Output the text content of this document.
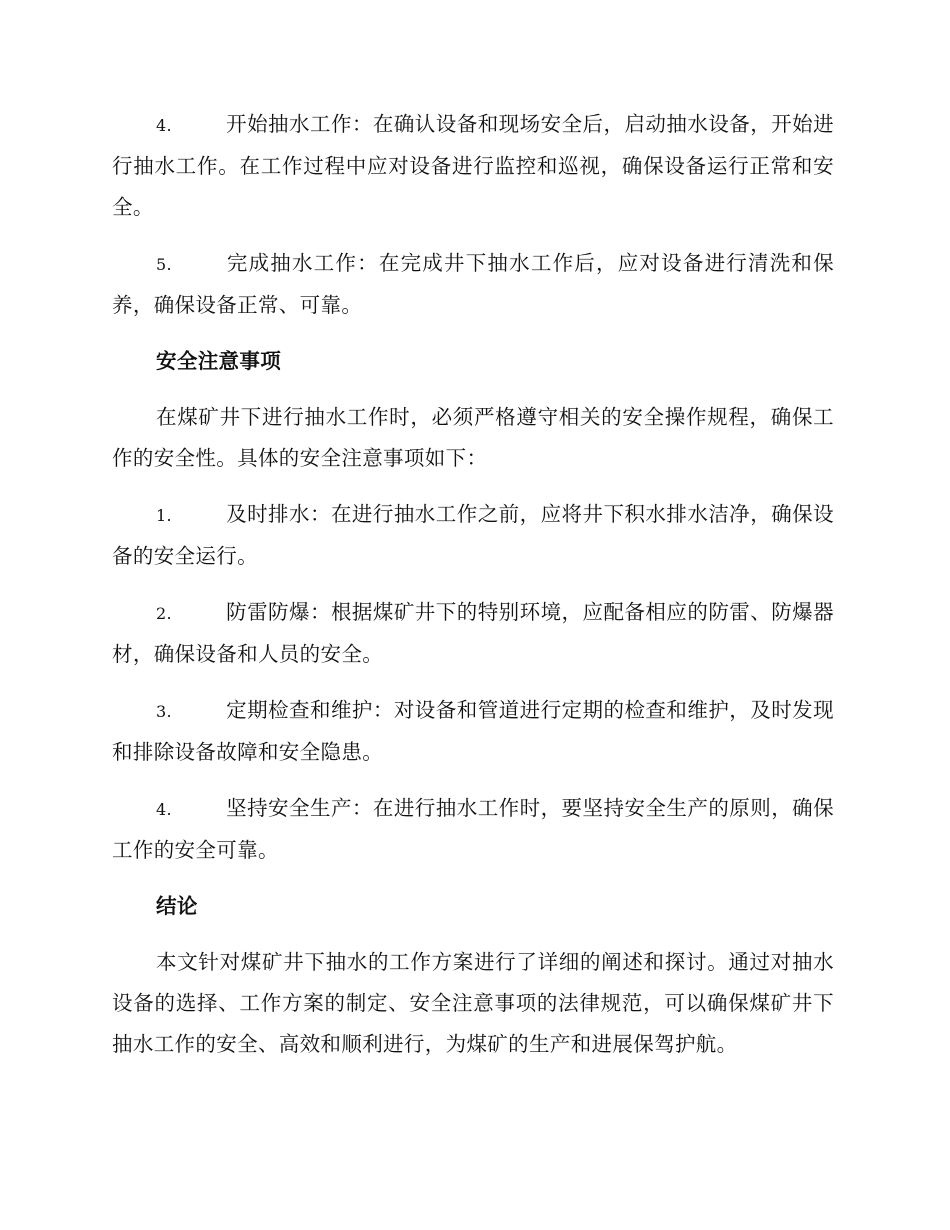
4.	开始抽水工作：在确认设备和现场安全后，启动抽水设备，开始进行抽水工作。在工作过程中应对设备进行监控和巡视，确保设备运行正常和安全。

5.	完成抽水工作：在完成井下抽水工作后，应对设备进行清洗和保养，确保设备正常、可靠。

安全注意事项

在煤矿井下进行抽水工作时，必须严格遵守相关的安全操作规程，确保工作的安全性。具体的安全注意事项如下：

1.	及时排水：在进行抽水工作之前，应将井下积水排水洁净，确保设备的安全运行。

2.	防雷防爆：根据煤矿井下的特别环境，应配备相应的防雷、防爆器材，确保设备和人员的安全。

3.	定期检查和维护：对设备和管道进行定期的检查和维护，及时发现和排除设备故障和安全隐患。

4.	坚持安全生产：在进行抽水工作时，要坚持安全生产的原则，确保工作的安全可靠。

结论

本文针对煤矿井下抽水的工作方案进行了详细的阐述和探讨。通过对抽水设备的选择、工作方案的制定、安全注意事项的法律规范，可以确保煤矿井下抽水工作的安全、高效和顺利进行，为煤矿的生产和进展保驾护航。
